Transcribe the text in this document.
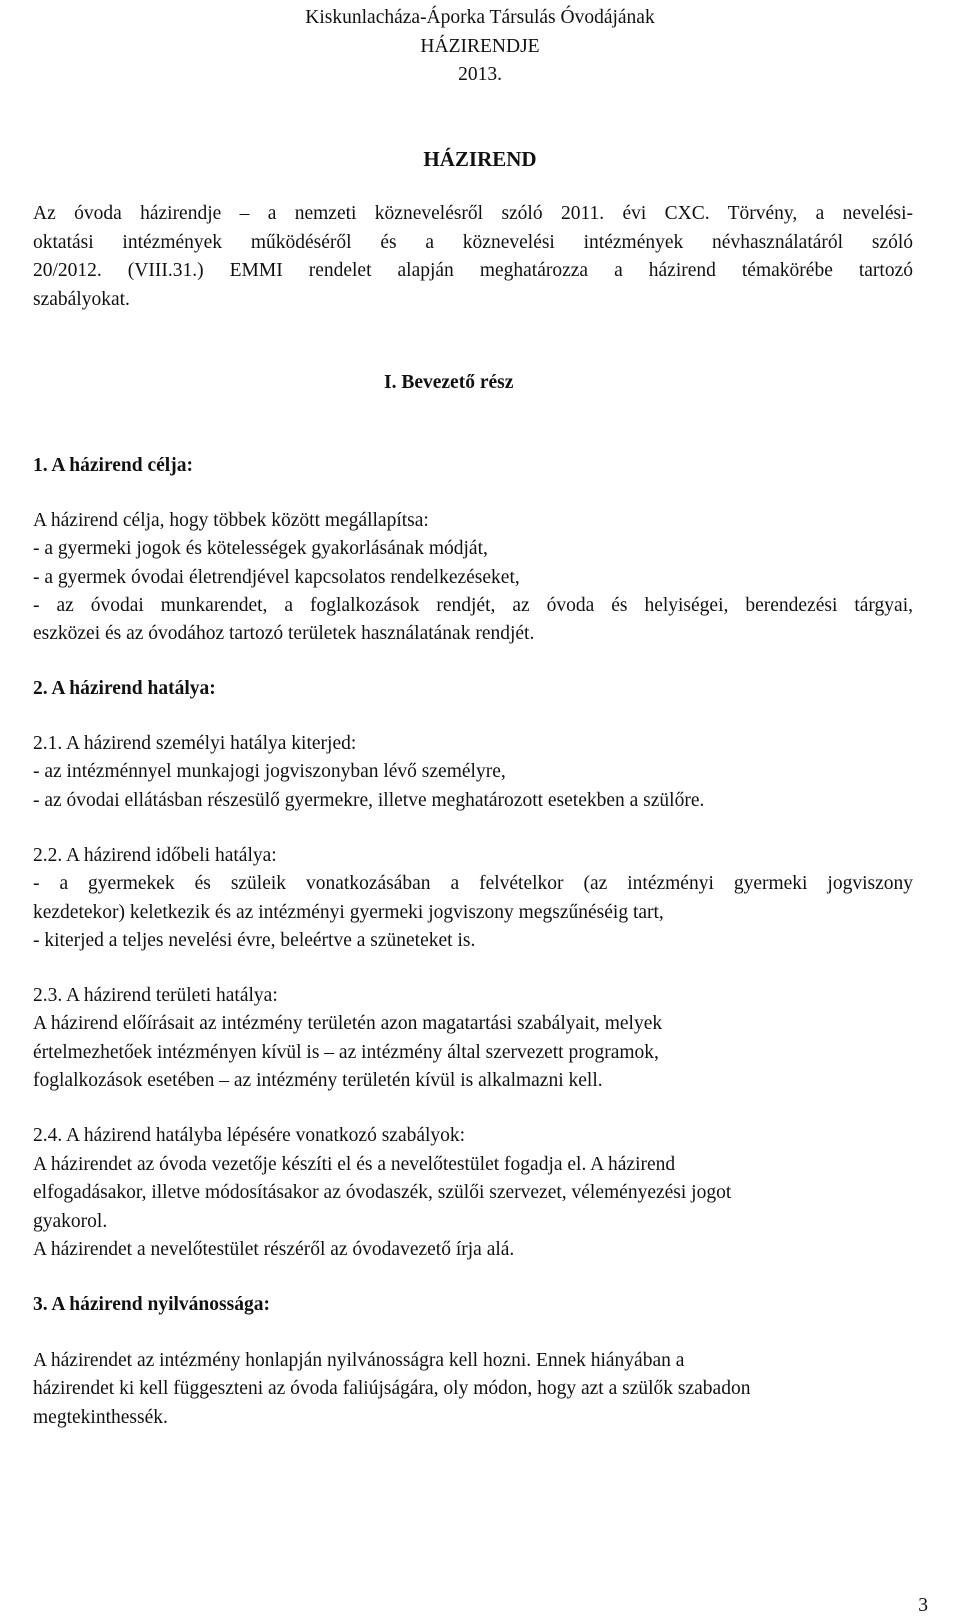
Kiskunlacháza-Áporka Társulás Óvodájának
HÁZIRENDJE
2013.
HÁZIREND
Az óvoda házirendje – a nemzeti köznevelésről szóló 2011. évi CXC. Törvény, a nevelési-
oktatási intézmények működéséről és a köznevelési intézmények névhasználatáról szóló
20/2012. (VIII.31.) EMMI rendelet alapján meghatározza a házirend témakörébe tartozó
szabályokat.
I. Bevezető rész
1. A házirend célja:
A házirend célja, hogy többek között megállapítsa:
- a gyermeki jogok és kötelességek gyakorlásának módját,
- a gyermek óvodai életrendjével kapcsolatos rendelkezéseket,
- az óvodai munkarendet, a foglalkozások rendjét, az óvoda és helyiségei, berendezési tárgyai,
eszközei és az óvodához tartozó területek használatának rendjét.
2. A házirend hatálya:
2.1. A házirend személyi hatálya kiterjed:
- az intézménnyel munkajogi jogviszonyban lévő személyre,
- az óvodai ellátásban részesülő gyermekre, illetve meghatározott esetekben a szülőre.
2.2. A házirend időbeli hatálya:
- a gyermekek és szüleik vonatkozásában a felvételkor (az intézményi gyermeki jogviszony
kezdetekor) keletkezik és az intézményi gyermeki jogviszony megszűnéséig tart,
- kiterjed a teljes nevelési évre, beleértve a szüneteket is.
2.3. A házirend területi hatálya:
A házirend előírásait az intézmény területén azon magatartási szabályait, melyek
értelmezhetőek intézményen kívül is – az intézmény által szervezett programok,
foglalkozások esetében – az intézmény területén kívül is alkalmazni kell.
2.4. A házirend hatályba lépésére vonatkozó szabályok:
A házirendet az óvoda vezetője készíti el és a nevelőtestület fogadja el. A házirend
elfogadásakor, illetve módosításakor az óvodaszék, szülői szervezet, véleményezési jogot
gyakorol.
A házirendet a nevelőtestület részéről az óvodavezető írja alá.
3. A házirend nyilvánossága:
A házirendet az intézmény honlapján nyilvánosságra kell hozni. Ennek hiányában a
házirendet ki kell függeszteni az óvoda faliújságára, oly módon, hogy azt a szülők szabadon
megtekinthessék.
3
